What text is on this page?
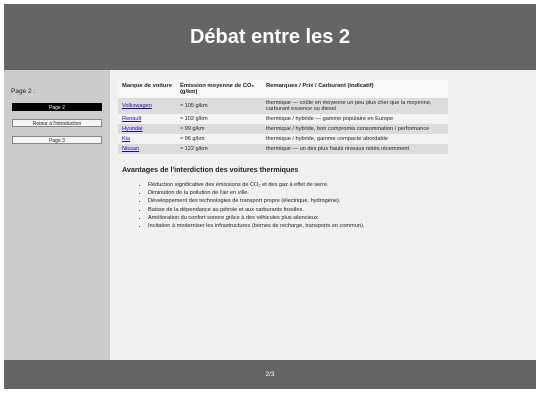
Débat entre les 2
Page 2 :
Page 2
Retour à l'introduction
Page 3
Marque de voiture	Émission moyenne de CO₂ (g/km)	Remarques / Prix / Carburant (indicatif)
Volkswagen	≈ 105 g/km	thermique — coûte en moyenne un peu plus cher que la moyenne, carburant essence ou diesel
Renault	≈ 102 g/km	thermique / hybride — gamme populaire en Europe
Hyundai	≈ 99 g/km	thermique / hybride, bon compromis consommation / performance
Kia	≈ 96 g/km	thermique / hybride, gamme compacte abordable
Nissan	≈ 122 g/km	thermique — un des plus hauts niveaux notés récemment
Avantages de l'interdiction des voitures thermiques
• Réduction significative des émissions de CO₂ et des gaz à effet de serre.
• Diminution de la pollution de l'air en ville.
• Développement des technologies de transport propre (électrique, hydrogène).
• Baisse de la dépendance au pétrole et aux carburants fossiles.
• Amélioration du confort sonore grâce à des véhicules plus silencieux.
• Incitation à moderniser les infrastructures (bornes de recharge, transports en commun).
2/3
